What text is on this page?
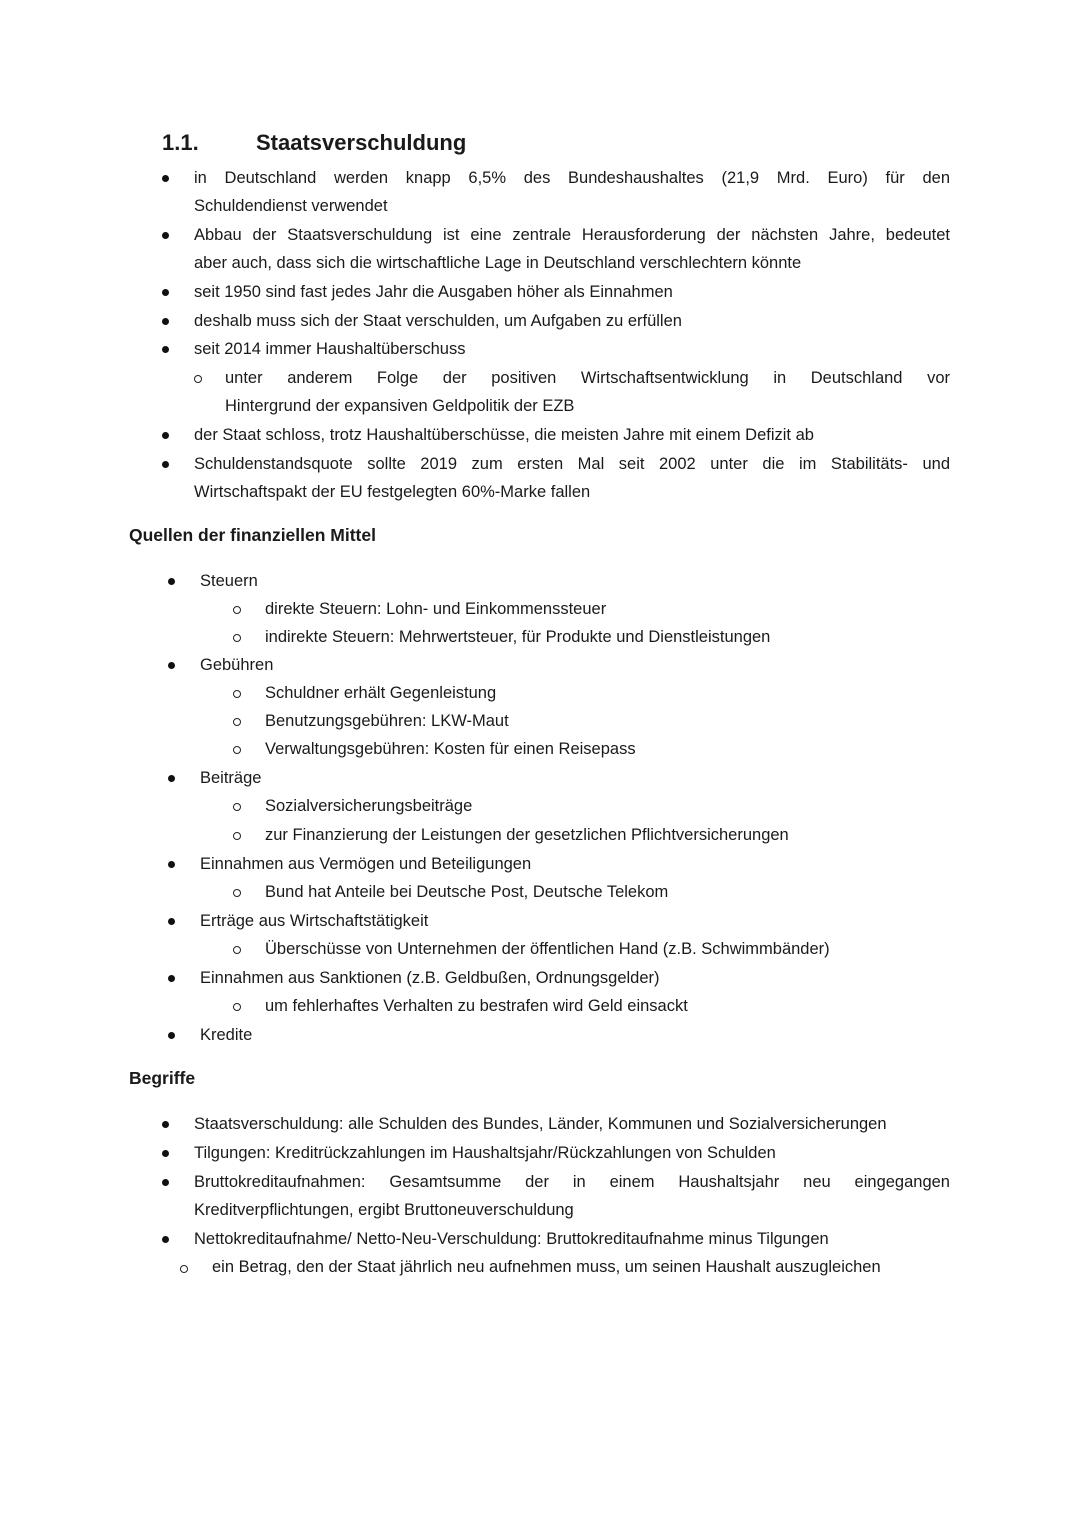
1.1.	Staatsverschuldung
in Deutschland werden knapp 6,5% des Bundeshaushaltes (21,9 Mrd. Euro) für den
Schuldendienst verwendet
Abbau der Staatsverschuldung ist eine zentrale Herausforderung der nächsten Jahre, bedeutet
aber auch, dass sich die wirtschaftliche Lage in Deutschland verschlechtern könnte
seit 1950 sind fast jedes Jahr die Ausgaben höher als Einnahmen
deshalb muss sich der Staat verschulden, um Aufgaben zu erfüllen
seit 2014 immer Haushaltüberschuss
unter anderem Folge der positiven Wirtschaftsentwicklung in Deutschland vor
Hintergrund der expansiven Geldpolitik der EZB
der Staat schloss, trotz Haushaltüberschüsse, die meisten Jahre mit einem Defizit ab
Schuldenstandsquote sollte 2019 zum ersten Mal seit 2002 unter die im Stabilitäts- und
Wirtschaftspakt der EU festgelegten 60%-Marke fallen
Quellen der finanziellen Mittel
Steuern
direkte Steuern: Lohn- und Einkommenssteuer
indirekte Steuern: Mehrwertsteuer, für Produkte und Dienstleistungen
Gebühren
Schuldner erhält Gegenleistung
Benutzungsgebühren: LKW-Maut
Verwaltungsgebühren: Kosten für einen Reisepass
Beiträge
Sozialversicherungsbeiträge
zur Finanzierung der Leistungen der gesetzlichen Pflichtversicherungen
Einnahmen aus Vermögen und Beteiligungen
Bund hat Anteile bei Deutsche Post, Deutsche Telekom
Erträge aus Wirtschaftstätigkeit
Überschüsse von Unternehmen der öffentlichen Hand (z.B. Schwimmbänder)
Einnahmen aus Sanktionen (z.B. Geldbußen, Ordnungsgelder)
um fehlerhaftes Verhalten zu bestrafen wird Geld einsackt
Kredite
Begriffe
Staatsverschuldung: alle Schulden des Bundes, Länder, Kommunen und Sozialversicherungen
Tilgungen: Kreditrückzahlungen im Haushaltsjahr/Rückzahlungen von Schulden
Bruttokreditaufnahmen: Gesamtsumme der in einem Haushaltsjahr neu eingegangen
Kreditverpflichtungen, ergibt Bruttoneuverschuldung
Nettokreditaufnahme/ Netto-Neu-Verschuldung: Bruttokreditaufnahme minus Tilgungen
ein Betrag, den der Staat jährlich neu aufnehmen muss, um seinen Haushalt auszugleichen
